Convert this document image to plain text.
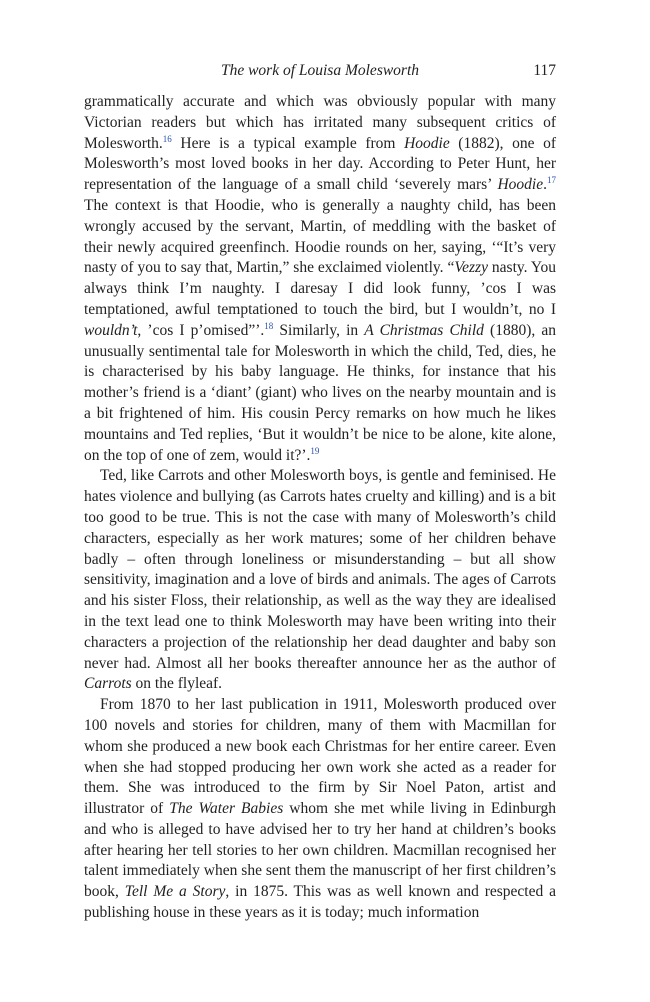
The work of Louisa Molesworth	117

grammatically accurate and which was obviously popular with many Victorian readers but which has irritated many subsequent critics of Molesworth.$^{16}$ Here is a typical example from Hoodie (1882), one of Molesworth’s most loved books in her day. According to Peter Hunt, her representation of the language of a small child ‘severely mars’ Hoodie.$^{17}$ The context is that Hoodie, who is generally a naughty child, has been wrongly accused by the servant, Martin, of meddling with the basket of their newly acquired greenfinch. Hoodie rounds on her, saying, ‘“It’s very nasty of you to say that, Martin,” she exclaimed violently. “Vezzy nasty. You always think I’m naughty. I daresay I did look funny, ’cos I was temptationed, awful temptationed to touch the bird, but I wouldn’t, no I wouldn’t, ’cos I p’omised”’.$^{18}$ Similarly, in A Christmas Child (1880), an unusually sentimental tale for Molesworth in which the child, Ted, dies, he is characterised by his baby language. He thinks, for instance that his mother’s friend is a ‘diant’ (giant) who lives on the nearby mountain and is a bit frightened of him. His cousin Percy remarks on how much he likes mountains and Ted replies, ‘But it wouldn’t be nice to be alone, kite alone, on the top of one of zem, would it?’.$^{19}$

Ted, like Carrots and other Molesworth boys, is gentle and feminised. He hates violence and bullying (as Carrots hates cruelty and killing) and is a bit too good to be true. This is not the case with many of Molesworth’s child characters, especially as her work matures; some of her children behave badly – often through loneliness or misunderstanding – but all show sensitivity, imagination and a love of birds and animals. The ages of Carrots and his sister Floss, their relationship, as well as the way they are idealised in the text lead one to think Molesworth may have been writing into their characters a projection of the relationship her dead daughter and baby son never had. Almost all her books thereafter announce her as the author of Carrots on the flyleaf.

From 1870 to her last publication in 1911, Molesworth produced over 100 novels and stories for children, many of them with Macmillan for whom she produced a new book each Christmas for her entire career. Even when she had stopped producing her own work she acted as a reader for them. She was introduced to the firm by Sir Noel Paton, artist and illustrator of The Water Babies whom she met while living in Edinburgh and who is alleged to have advised her to try her hand at children’s books after hearing her tell stories to her own children. Macmillan recognised her talent immediately when she sent them the manuscript of her first children’s book, Tell Me a Story, in 1875. This was as well known and respected a publishing house in these years as it is today; much information
